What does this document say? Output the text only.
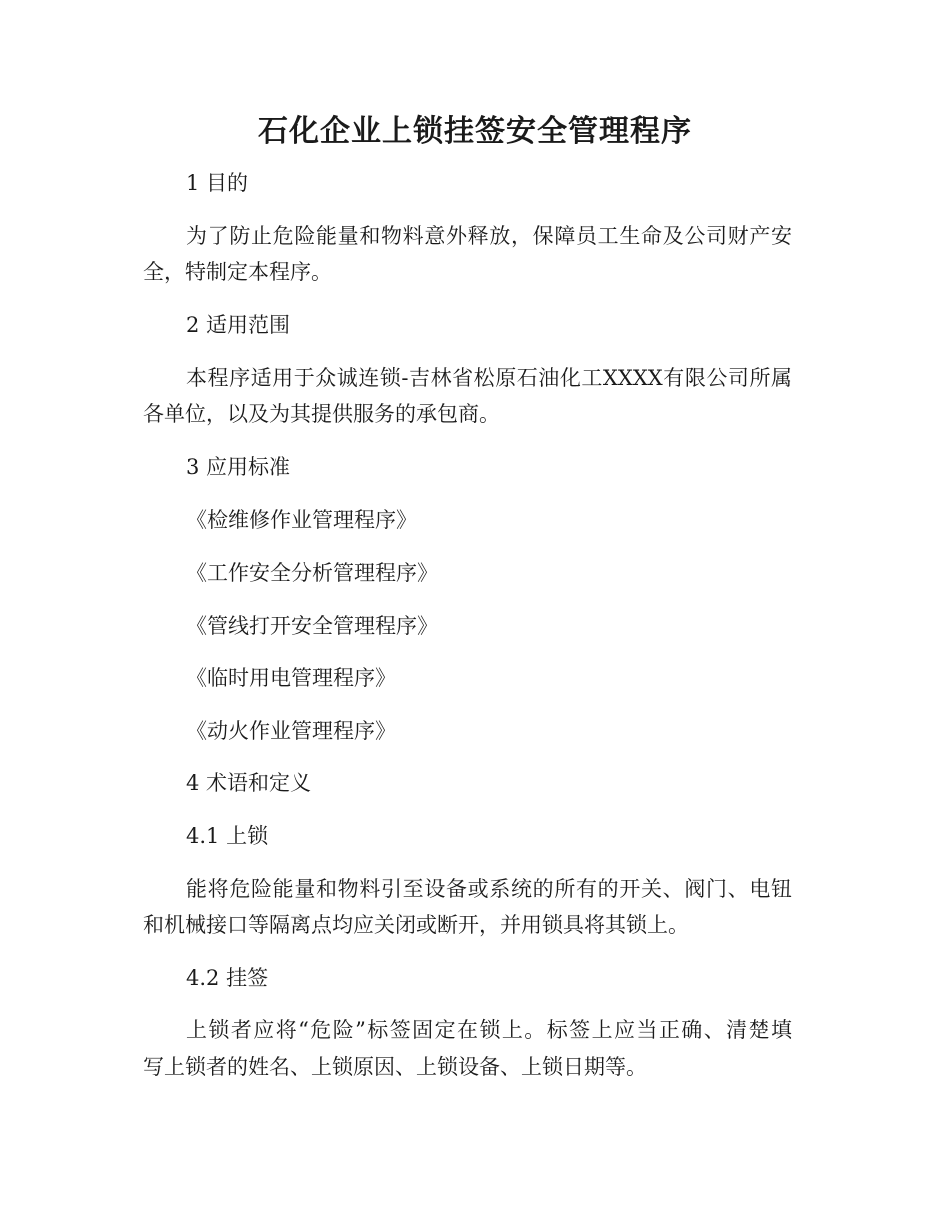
石化企业上锁挂签安全管理程序

1 目的

为了防止危险能量和物料意外释放，保障员工生命及公司财产安

全，特制定本程序。

2 适用范围

本程序适用于众诚连锁-吉林省松原石油化工XXXX有限公司所属

各单位，以及为其提供服务的承包商。

3 应用标准

《检维修作业管理程序》

《工作安全分析管理程序》

《管线打开安全管理程序》

《临时用电管理程序》

《动火作业管理程序》

4 术语和定义

4.1 上锁

能将危险能量和物料引至设备或系统的所有的开关、阀门、电钮

和机械接口等隔离点均应关闭或断开，并用锁具将其锁上。

4.2 挂签

上锁者应将“危险”标签固定在锁上。标签上应当正确、清楚填

写上锁者的姓名、上锁原因、上锁设备、上锁日期等。
